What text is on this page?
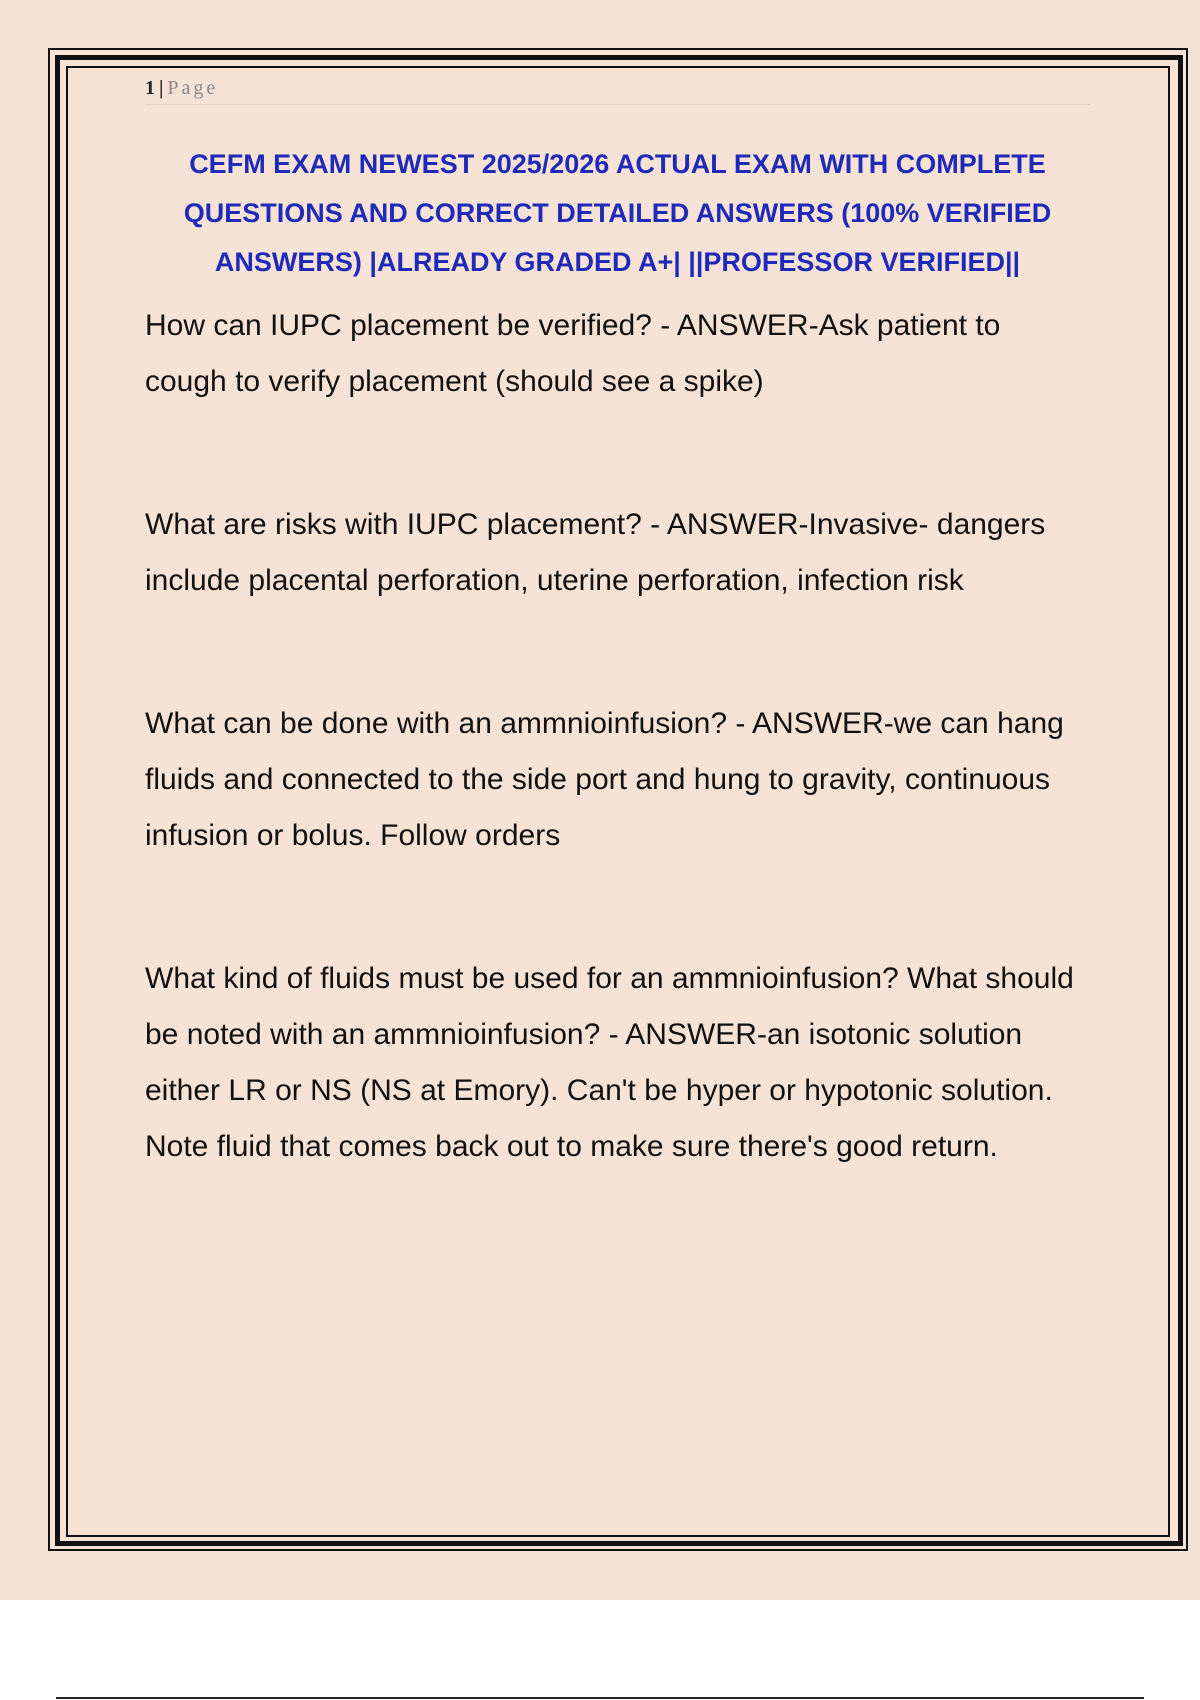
1 | Page
CEFM EXAM NEWEST 2025/2026 ACTUAL EXAM WITH COMPLETE QUESTIONS AND CORRECT DETAILED ANSWERS (100% VERIFIED ANSWERS) |ALREADY GRADED A+| ||PROFESSOR VERIFIED||

How can IUPC placement be verified? - ANSWER-Ask patient to cough to verify placement (should see a spike)

What are risks with IUPC placement? - ANSWER-Invasive- dangers include placental perforation, uterine perforation, infection risk

What can be done with an ammnioinfusion? - ANSWER-we can hang fluids and connected to the side port and hung to gravity, continuous infusion or bolus. Follow orders

What kind of fluids must be used for an ammnioinfusion? What should be noted with an ammnioinfusion? - ANSWER-an isotonic solution either LR or NS (NS at Emory). Can't be hyper or hypotonic solution. Note fluid that comes back out to make sure there's good return.
